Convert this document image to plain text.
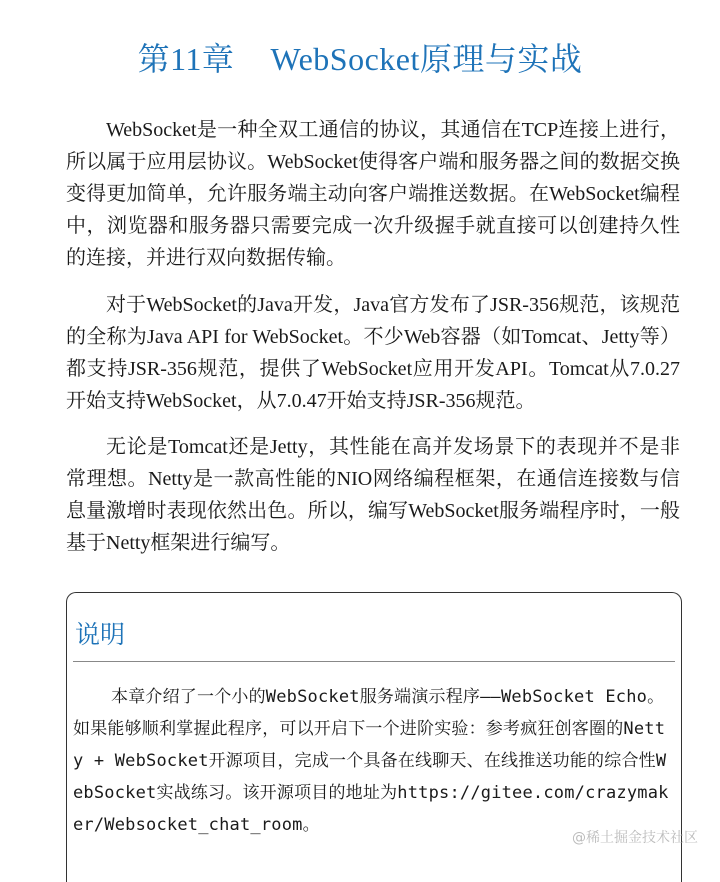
第11章 WebSocket原理与实战

WebSocket是一种全双工通信的协议，其通信在TCP连接上进行，所以属于应用层协议。WebSocket使得客户端和服务器之间的数据交换变得更加简单，允许服务端主动向客户端推送数据。在WebSocket编程中，浏览器和服务器只需要完成一次升级握手就直接可以创建持久性的连接，并进行双向数据传输。

对于WebSocket的Java开发，Java官方发布了JSR-356规范，该规范的全称为Java API for WebSocket。不少Web容器（如Tomcat、Jetty等）都支持JSR-356规范，提供了WebSocket应用开发API。Tomcat从7.0.27开始支持WebSocket，从7.0.47开始支持JSR-356规范。

无论是Tomcat还是Jetty，其性能在高并发场景下的表现并不是非常理想。Netty是一款高性能的NIO网络编程框架，在通信连接数与信息量激增时表现依然出色。所以，编写WebSocket服务端程序时，一般基于Netty框架进行编写。

说明

本章介绍了一个小的WebSocket服务端演示程序——WebSocket Echo。如果能够顺利掌握此程序，可以开启下一个进阶实验：参考疯狂创客圈的Netty + WebSocket开源项目，完成一个具备在线聊天、在线推送功能的综合性WebSocket实战练习。该开源项目的地址为https://gitee.com/crazymaker/Websocket_chat_room。

@稀土掘金技术社区
